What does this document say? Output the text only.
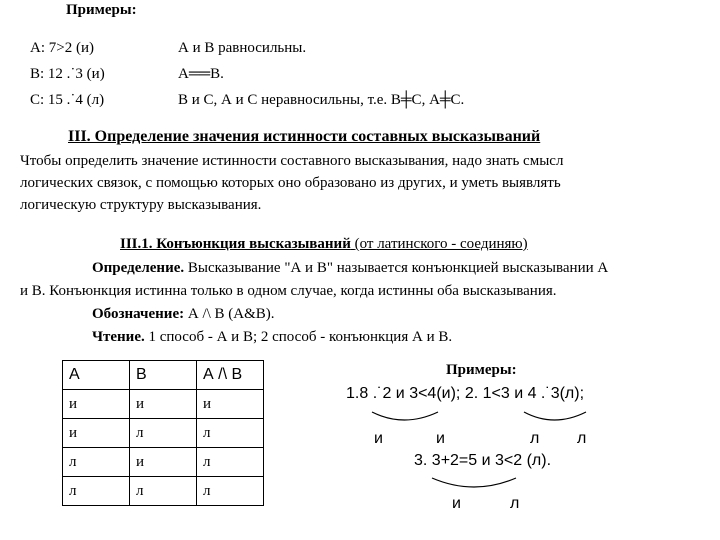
Примеры:
А: 7>2 (и)	А и В равносильны.
В: 12 .˙3 (и)	А══В.
С: 15 .˙4 (л)	В и С, А и С неравносильны, т.е. В╪С, А╪С.
III. Определение значения истинности составных высказываний
Чтобы определить значение истинности составного высказывания, надо знать смысл
логических связок, с помощью которых оно образовано из других, и уметь выявлять
логическую структуру высказывания.
III.1. Конъюнкция высказываний (от латинского - соединяю)
Определение. Высказывание "А и В" называется конъюнкцией высказывании А
и В. Конъюнкция истинна только в одном случае, когда истинны оба высказывания.
Обозначение: А /\ В (А&В).
Чтение. 1 способ - А и В; 2 способ - конъюнкция А и В.
А	В	А /\ В
и	и	и
и	л	л
л	и	л
л	л	л
Примеры:
1.8 .˙2 и 3<4(и); 2. 1<3 и 4 .˙3(л);
и	и	л л
3. 3+2=5 и 3<2 (л).
и	л
